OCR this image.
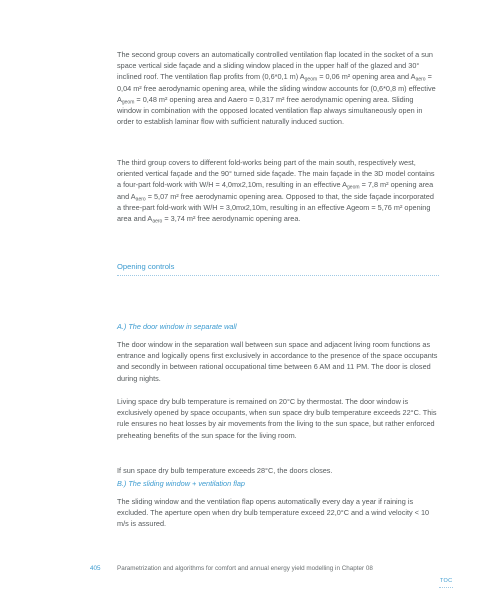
The second group covers an automatically controlled ventilation flap located in the socket of a sun space vertical side façade and a sliding window placed in the upper half of the glazed and 30° inclined roof. The ventilation flap profits from (0,6*0,1 m) $A_{geom} = 0,06$ m² opening area and $A_{aero} = 0,04$ m² free aerodynamic opening area, while the sliding window accounts for (0,6*0,8 m) effective $A_{geom} = 0,48$ m² opening area and Aaero = 0,317 m² free aerodynamic opening area. Sliding window in combination with the opposed located ventilation flap always simultaneously open in order to establish laminar flow with sufficient naturally induced suction.

The third group covers to different fold-works being part of the main south, respectively west, oriented vertical façade and the 90° turned side façade. The main façade in the 3D model contains a four-part fold-work with W/H = 4,0mx2,10m, resulting in an effective $A_{geom} = 7,8$ m² opening area and $A_{aero} = 5,07$ m² free aerodynamic opening area. Opposed to that, the side façade incorporated a three-part fold-work with W/H = 3,0mx2,10m, resulting in an effective Ageom = 5,76 m² opening area and $A_{aero} = 3,74$ m² free aerodynamic opening area.

Opening controls
A.) The door window in separate wall

The door window in the separation wall between sun space and adjacent living room functions as entrance and logically opens first exclusively in accordance to the presence of the space occupants and secondly in between rational occupational time between 6 AM and 11 PM. The door is closed during nights.

Living space dry bulb temperature is remained on 20°C by thermostat. The door window is exclusively opened by space occupants, when sun space dry bulb temperature exceeds 22°C. This rule ensures no heat losses by air movements from the living to the sun space, but rather enforced preheating benefits of the sun space for the living room.

If sun space dry bulb temperature exceeds 28°C, the doors closes.

B.) The sliding window + ventilation flap

The sliding window and the ventilation flap opens automatically every day a year if raining is excluded. The aperture open when dry bulb temperature exceed 22,0°C and a wind velocity < 10 m/s is assured.

405	Parametrization and algorithms for comfort and annual energy yield modelling in Chapter 08
TOC
